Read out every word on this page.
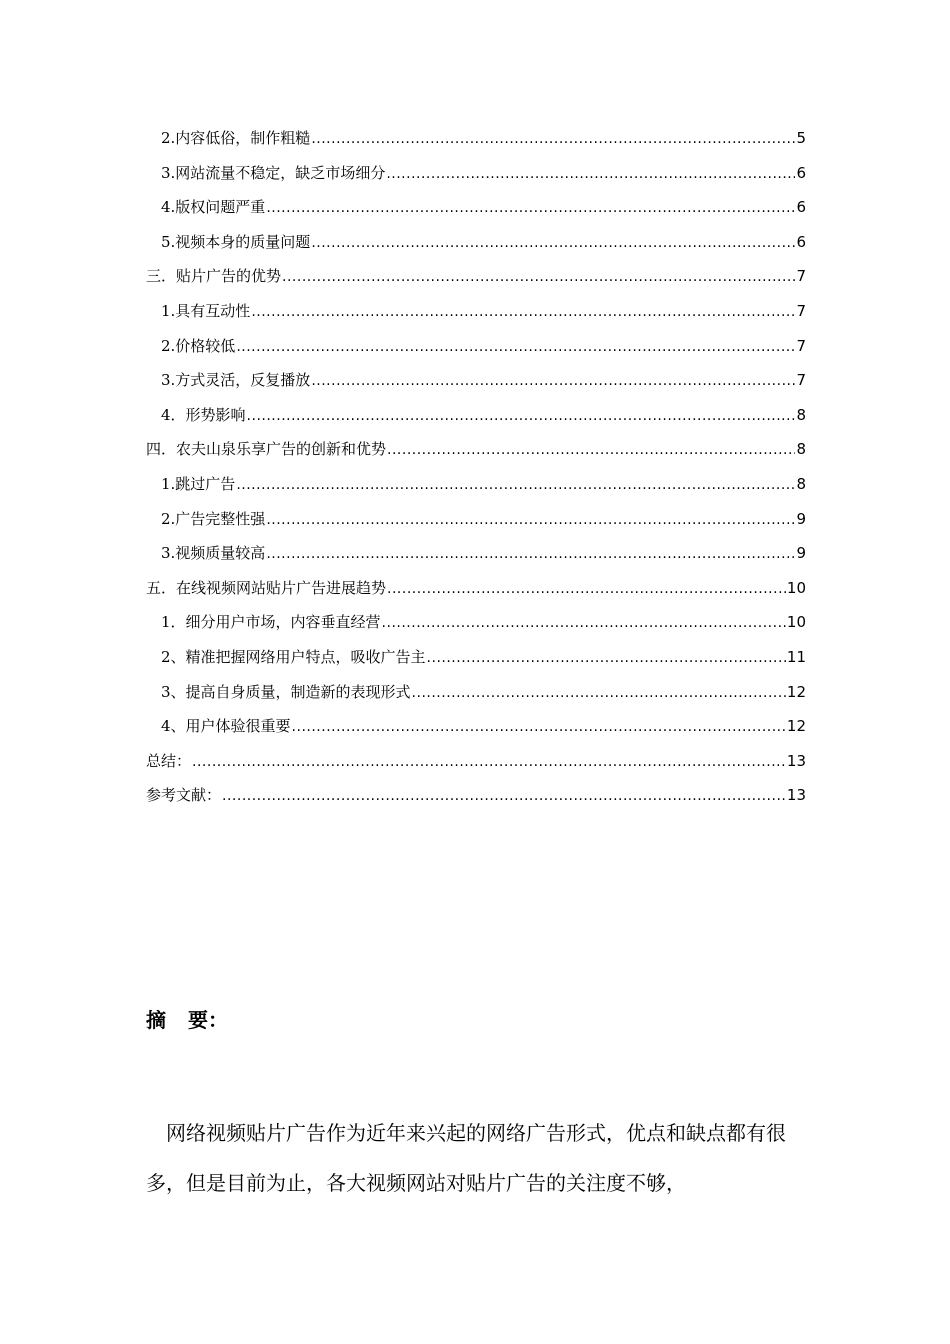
2.内容低俗，制作粗糙 .....	5
3.网站流量不稳定，缺乏市场细分 .....	6
4.版权问题严重 .....	6
5.视频本身的质量问题 .....	6
三．贴片广告的优势 .....	7
1.具有互动性 .....	7
2.价格较低 .....	7
3.方式灵活，反复播放 .....	7
4．形势影响 .....	8
四．农夫山泉乐享广告的创新和优势 .....	8
1.跳过广告 .....	8
2.广告完整性强 .....	9
3.视频质量较高 .....	9
五．在线视频网站贴片广告进展趋势 .....	10
1．细分用户市场，内容垂直经营 .....	10
2、精准把握网络用户特点，吸收广告主 .....	11
3、提高自身质量，制造新的表现形式 .....	12
4、用户体验很重要 .....	12
总结： .....	13
参考文献： .....	13
摘 要：
网络视频贴片广告作为近年来兴起的网络广告形式，优点和缺点都有很多，但是目前为止，各大视频网站对贴片广告的关注度不够，
